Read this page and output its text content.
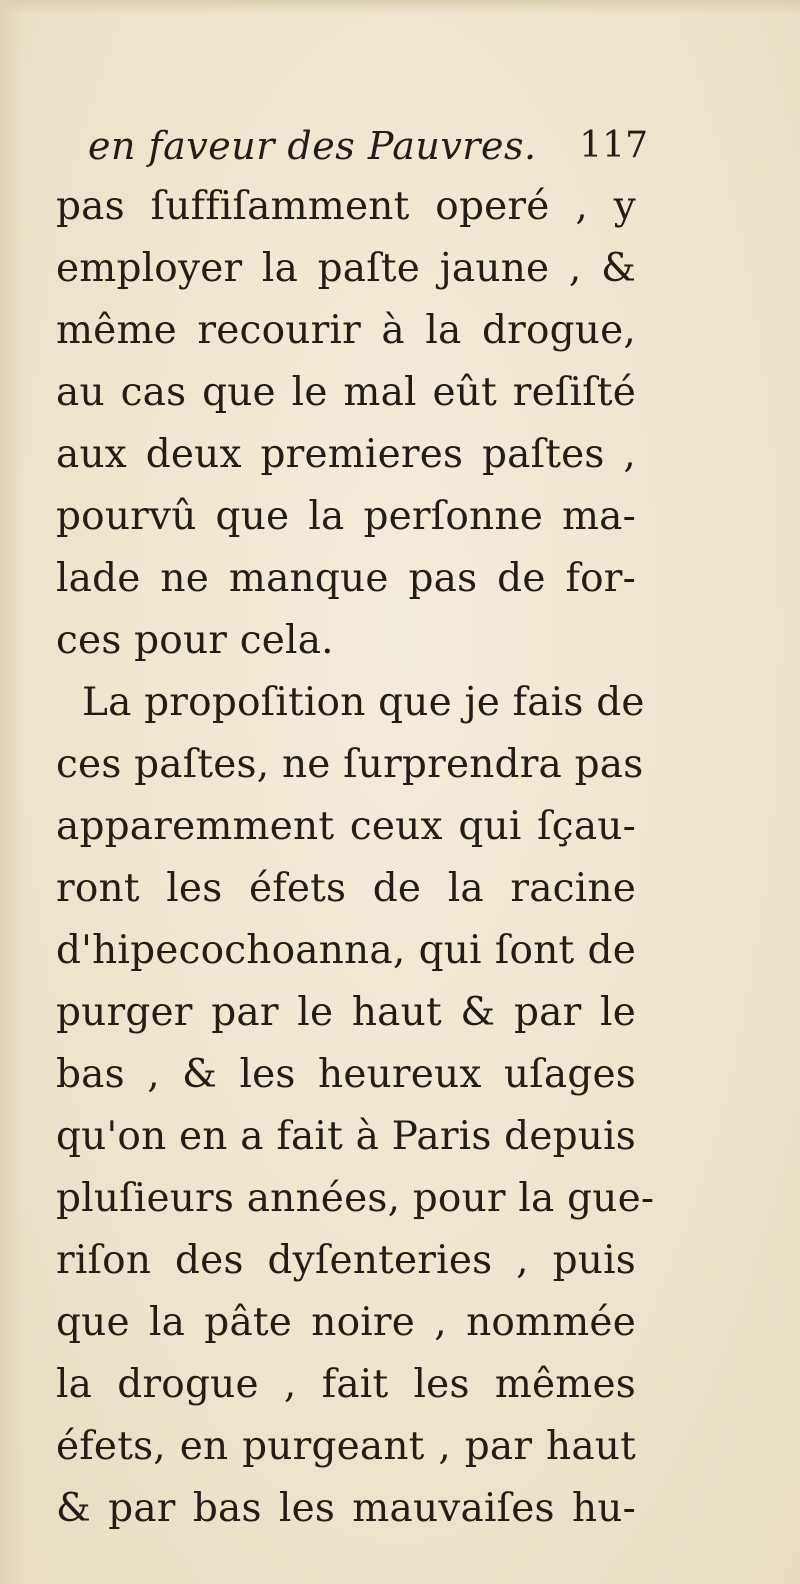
en faveur des Pauvres. 117
pas ſuffiſamment operé , y
employer la paſte jaune , &
même recourir à la drogue,
au cas que le mal eût reſiſté
aux deux premieres paſtes ,
pourvû que la perſonne ma-
lade ne manque pas de for-
ces pour cela.
La propoſition que je fais de
ces paſtes, ne ſurprendra pas
apparemment ceux qui ſçau-
ront les éfets de la racine
d'hipecochoanna, qui ſont de
purger par le haut & par le
bas , & les heureux uſages
qu'on en a fait à Paris depuis
pluſieurs années, pour la gue-
riſon des dyſenteries , puis
que la pâte noire , nommée
la drogue , fait les mêmes
éfets, en purgeant , par haut
& par bas les mauvaiſes hu-
